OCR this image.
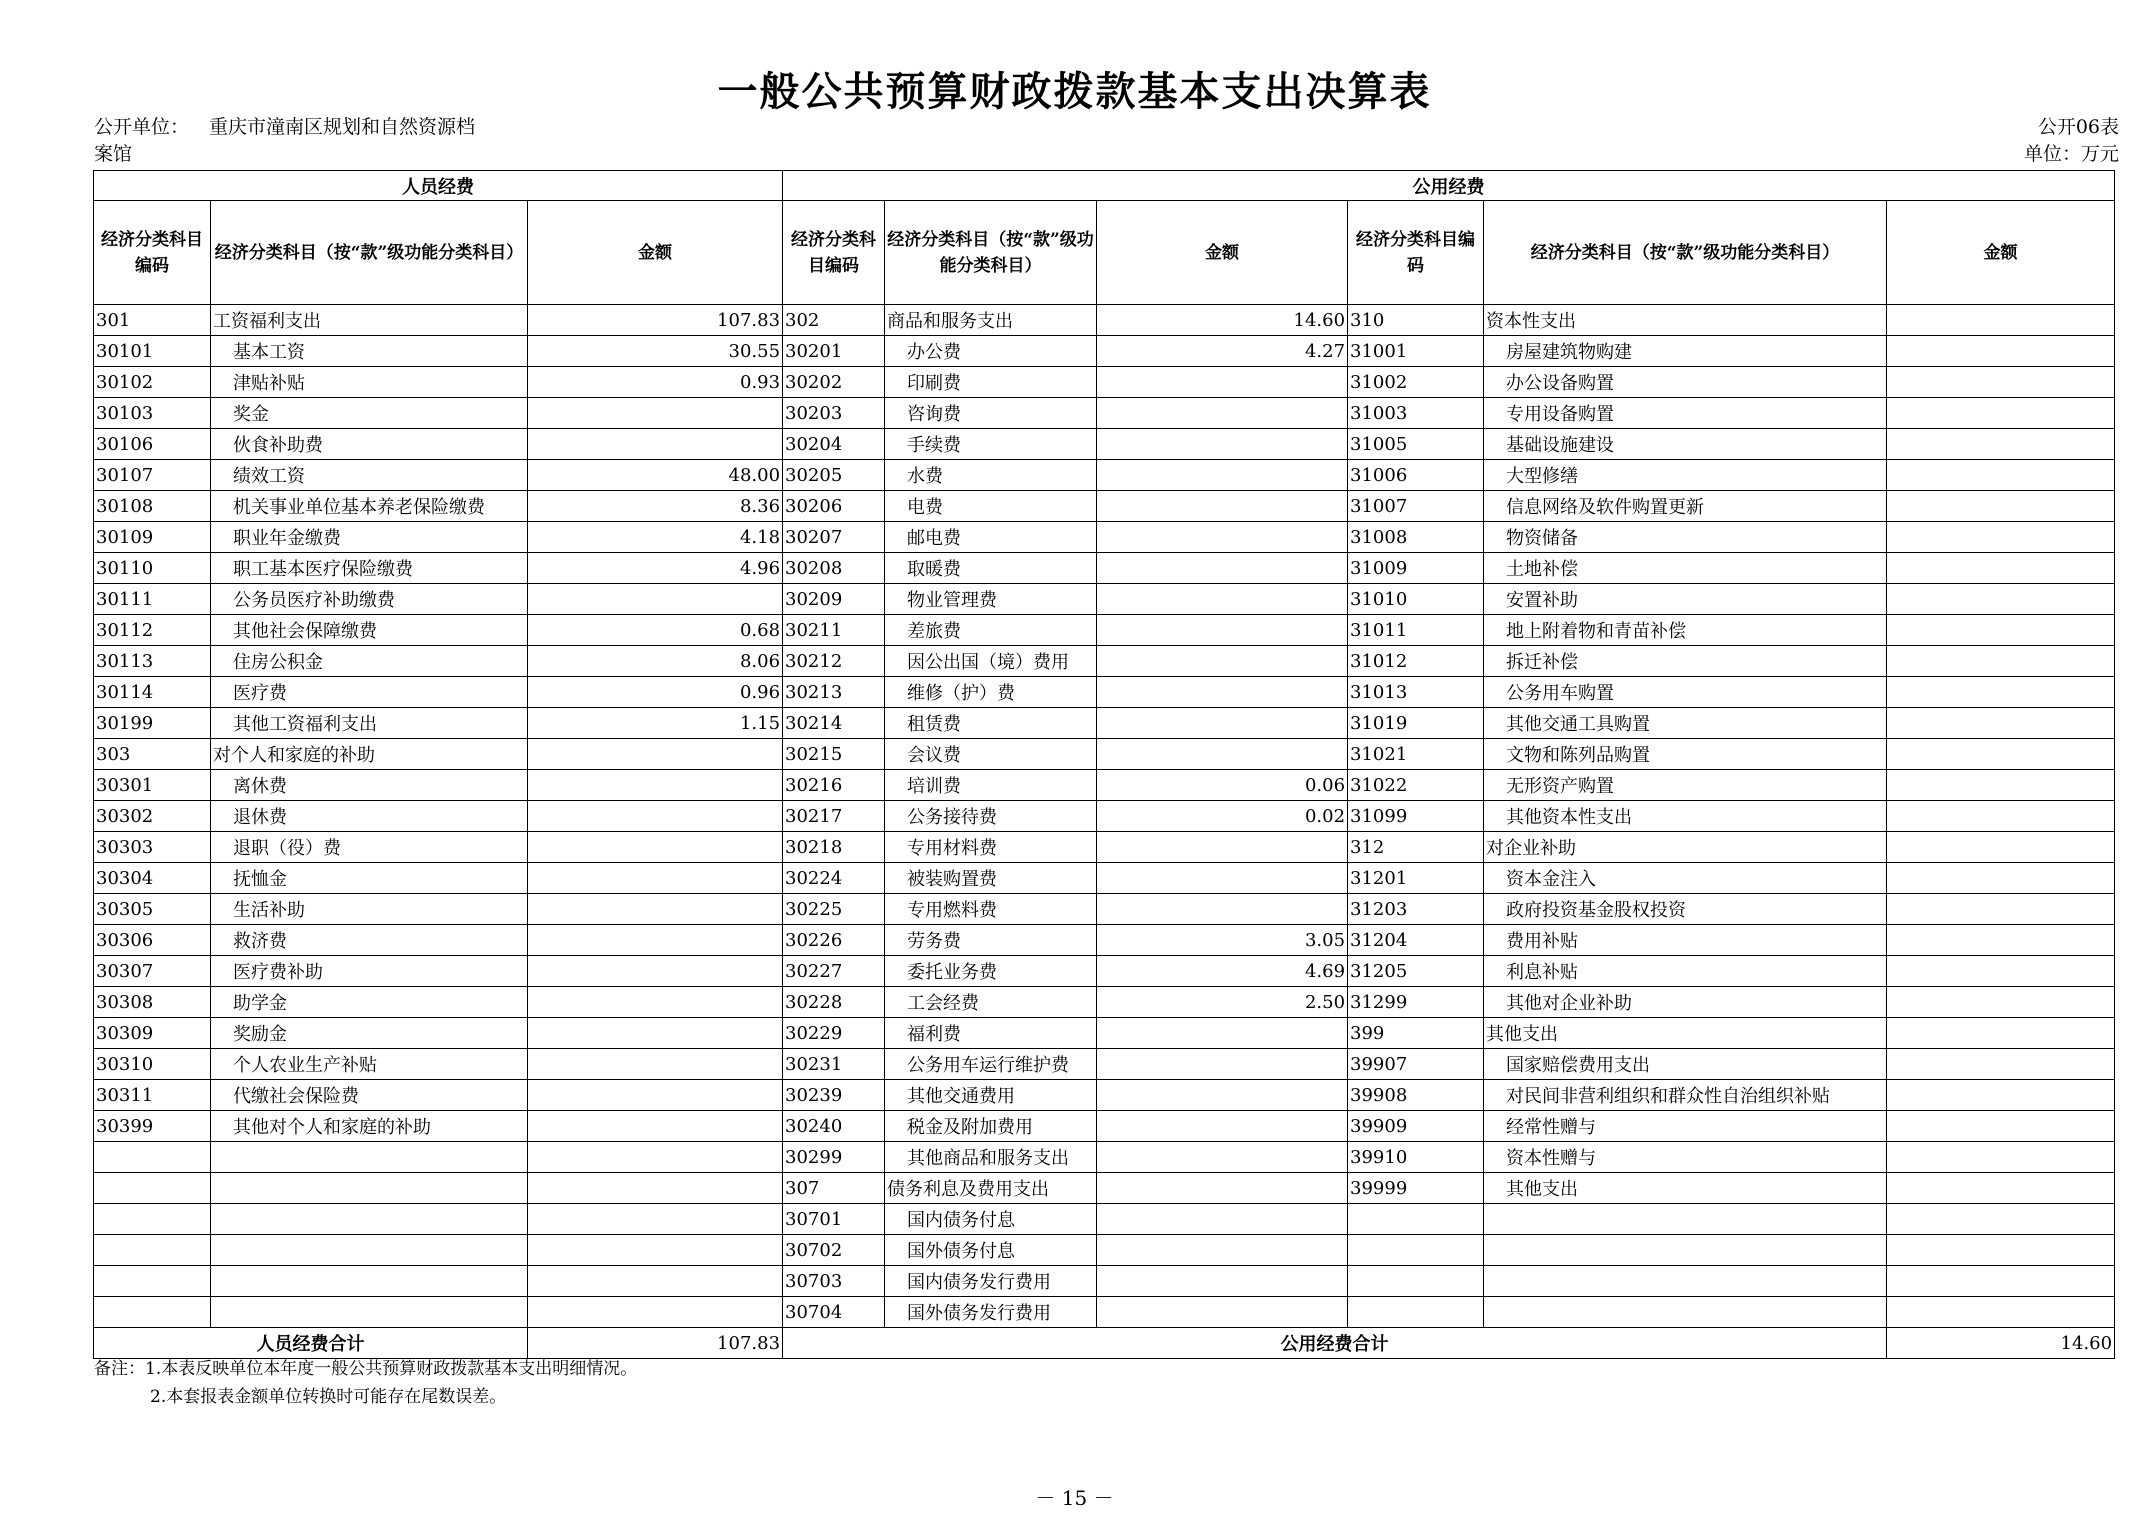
一般公共预算财政拨款基本支出决算表
公开单位： 重庆市潼南区规划和自然资源档
案馆
公开06表
单位：万元
人员经费			公用经费					
经济分类科目编码	经济分类科目（按“款”级功能分类科目）	金额	经济分类科目编码	经济分类科目（按“款”级功能分类科目）	金额	经济分类科目编码	经济分类科目（按“款”级功能分类科目）	金额
301	工资福利支出	107.83	302	商品和服务支出	14.60	310	资本性支出	
30101	基本工资	30.55	30201	办公费	4.27	31001	房屋建筑物购建	
30102	津贴补贴	0.93	30202	印刷费		31002	办公设备购置	
30103	奖金		30203	咨询费		31003	专用设备购置	
30106	伙食补助费		30204	手续费		31005	基础设施建设	
30107	绩效工资	48.00	30205	水费		31006	大型修缮	
30108	机关事业单位基本养老保险缴费	8.36	30206	电费		31007	信息网络及软件购置更新	
30109	职业年金缴费	4.18	30207	邮电费		31008	物资储备	
30110	职工基本医疗保险缴费	4.96	30208	取暖费		31009	土地补偿	
30111	公务员医疗补助缴费		30209	物业管理费		31010	安置补助	
30112	其他社会保障缴费	0.68	30211	差旅费		31011	地上附着物和青苗补偿	
30113	住房公积金	8.06	30212	因公出国（境）费用		31012	拆迁补偿	
30114	医疗费	0.96	30213	维修（护）费		31013	公务用车购置	
30199	其他工资福利支出	1.15	30214	租赁费		31019	其他交通工具购置	
303	对个人和家庭的补助		30215	会议费		31021	文物和陈列品购置	
30301	离休费		30216	培训费	0.06	31022	无形资产购置	
30302	退休费		30217	公务接待费	0.02	31099	其他资本性支出	
30303	退职（役）费		30218	专用材料费		312	对企业补助	
30304	抚恤金		30224	被装购置费		31201	资本金注入	
30305	生活补助		30225	专用燃料费		31203	政府投资基金股权投资	
30306	救济费		30226	劳务费	3.05	31204	费用补贴	
30307	医疗费补助		30227	委托业务费	4.69	31205	利息补贴	
30308	助学金		30228	工会经费	2.50	31299	其他对企业补助	
30309	奖励金		30229	福利费		399	其他支出	
30310	个人农业生产补贴		30231	公务用车运行维护费		39907	国家赔偿费用支出	
30311	代缴社会保险费		30239	其他交通费用		39908	对民间非营利组织和群众性自治组织补贴	
30399	其他对个人和家庭的补助		30240	税金及附加费用		39909	经常性赠与	
			30299	其他商品和服务支出		39910	资本性赠与	
			307	债务利息及费用支出		39999	其他支出	
			30701	国内债务付息				
			30702	国外债务付息				
			30703	国内债务发行费用				
			30704	国外债务发行费用				
人员经费合计		107.83	公用经费合计					14.60
备注：1.本表反映单位本年度一般公共预算财政拨款基本支出明细情况。
2.本套报表金额单位转换时可能存在尾数误差。
－ 15 －
